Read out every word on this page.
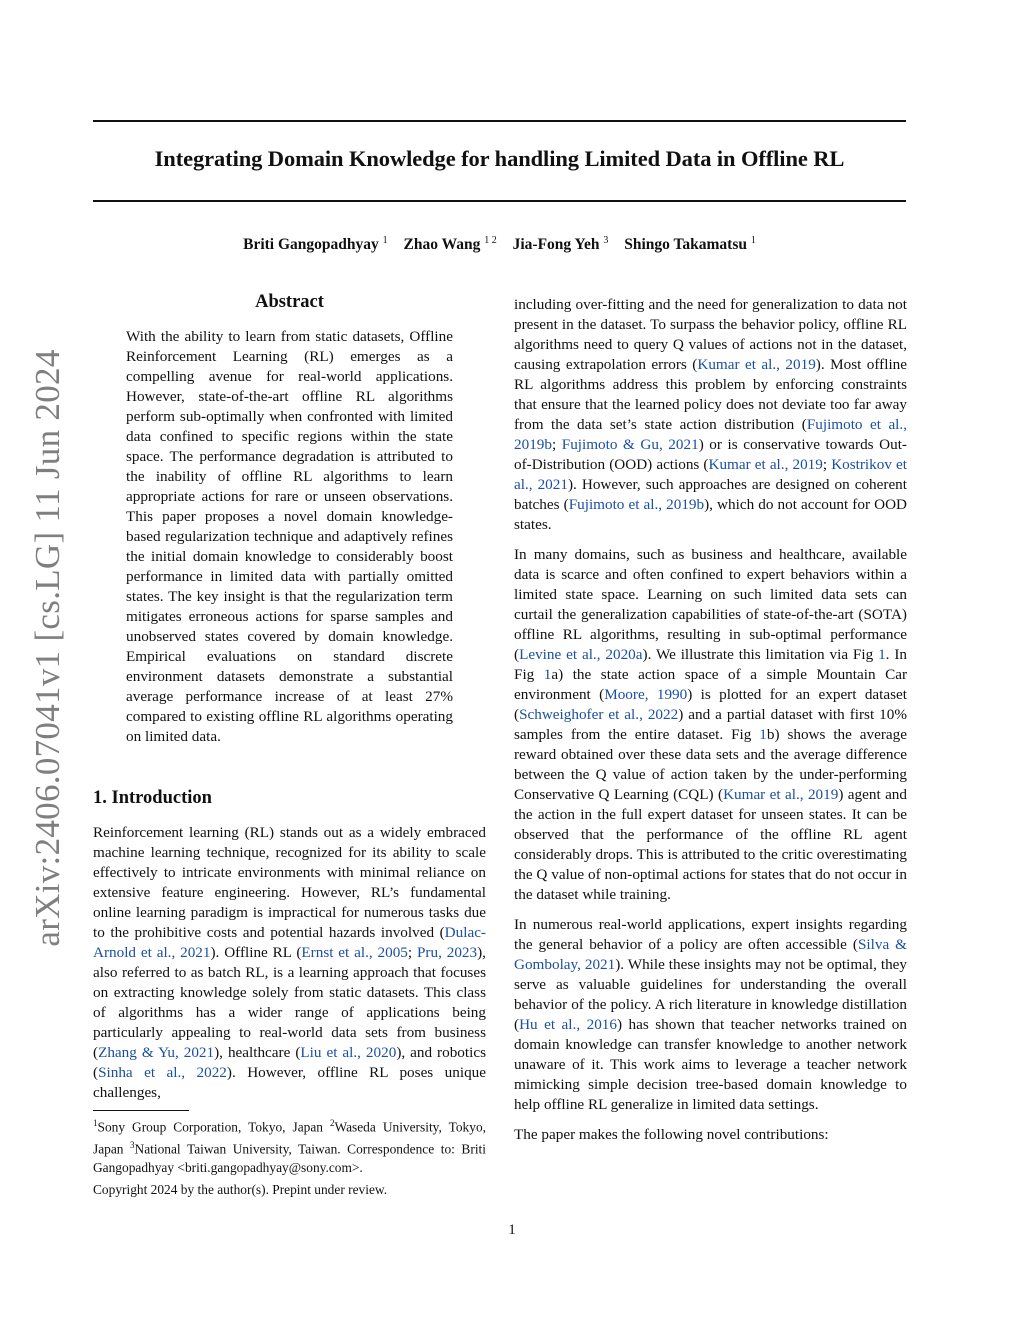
Integrating Domain Knowledge for handling Limited Data in Offline RL
Briti Gangopadhyay $^1$ Zhao Wang $^{1 2}$ Jia-Fong Yeh $^3$ Shingo Takamatsu $^1$
arXiv:2406.07041v1 [cs.LG] 11 Jun 2024
Abstract

With the ability to learn from static datasets, Offline Reinforcement Learning (RL) emerges as a compelling avenue for real-world applications. However, state-of-the-art offline RL algorithms perform sub-optimally when confronted with limited data confined to specific regions within the state space. The performance degradation is attributed to the inability of offline RL algorithms to learn appropriate actions for rare or unseen observations. This paper proposes a novel domain knowledge-based regularization technique and adaptively refines the initial domain knowledge to considerably boost performance in limited data with partially omitted states. The key insight is that the regularization term mitigates erroneous actions for sparse samples and unobserved states covered by domain knowledge. Empirical evaluations on standard discrete environment datasets demonstrate a substantial average performance increase of at least 27% compared to existing offline RL algorithms operating on limited data.

1. Introduction

Reinforcement learning (RL) stands out as a widely embraced machine learning technique, recognized for its ability to scale effectively to intricate environments with minimal reliance on extensive feature engineering. However, RL’s fundamental online learning paradigm is impractical for numerous tasks due to the prohibitive costs and potential hazards involved (Dulac-Arnold et al., 2021). Offline RL (Ernst et al., 2005; Pru, 2023), also referred to as batch RL, is a learning approach that focuses on extracting knowledge solely from static datasets. This class of algorithms has a wider range of applications being particularly appealing to real-world data sets from business (Zhang & Yu, 2021), healthcare (Liu et al., 2020), and robotics (Sinha et al., 2022). However, offline RL poses unique challenges,

$^1$Sony Group Corporation, Tokyo, Japan $^2$Waseda University, Tokyo, Japan $^3$National Taiwan University, Taiwan. Correspondence to: Briti Gangopadhyay <briti.gangopadhyay@sony.com>.

Copyright 2024 by the author(s). Prepint under review.

including over-fitting and the need for generalization to data not present in the dataset. To surpass the behavior policy, offline RL algorithms need to query Q values of actions not in the dataset, causing extrapolation errors (Kumar et al., 2019). Most offline RL algorithms address this problem by enforcing constraints that ensure that the learned policy does not deviate too far away from the data set’s state action distribution (Fujimoto et al., 2019b; Fujimoto & Gu, 2021) or is conservative towards Out-of-Distribution (OOD) actions (Kumar et al., 2019; Kostrikov et al., 2021). However, such approaches are designed on coherent batches (Fujimoto et al., 2019b), which do not account for OOD states.

In many domains, such as business and healthcare, available data is scarce and often confined to expert behaviors within a limited state space. Learning on such limited data sets can curtail the generalization capabilities of state-of-the-art (SOTA) offline RL algorithms, resulting in sub-optimal performance (Levine et al., 2020a). We illustrate this limitation via Fig 1. In Fig 1a) the state action space of a simple Mountain Car environment (Moore, 1990) is plotted for an expert dataset (Schweighofer et al., 2022) and a partial dataset with first 10% samples from the entire dataset. Fig 1b) shows the average reward obtained over these data sets and the average difference between the Q value of action taken by the under-performing Conservative Q Learning (CQL) (Kumar et al., 2019) agent and the action in the full expert dataset for unseen states. It can be observed that the performance of the offline RL agent considerably drops. This is attributed to the critic overestimating the Q value of non-optimal actions for states that do not occur in the dataset while training.

In numerous real-world applications, expert insights regarding the general behavior of a policy are often accessible (Silva & Gombolay, 2021). While these insights may not be optimal, they serve as valuable guidelines for understanding the overall behavior of the policy. A rich literature in knowledge distillation (Hu et al., 2016) has shown that teacher networks trained on domain knowledge can transfer knowledge to another network unaware of it. This work aims to leverage a teacher network mimicking simple decision tree-based domain knowledge to help offline RL generalize in limited data settings.

The paper makes the following novel contributions:

1
